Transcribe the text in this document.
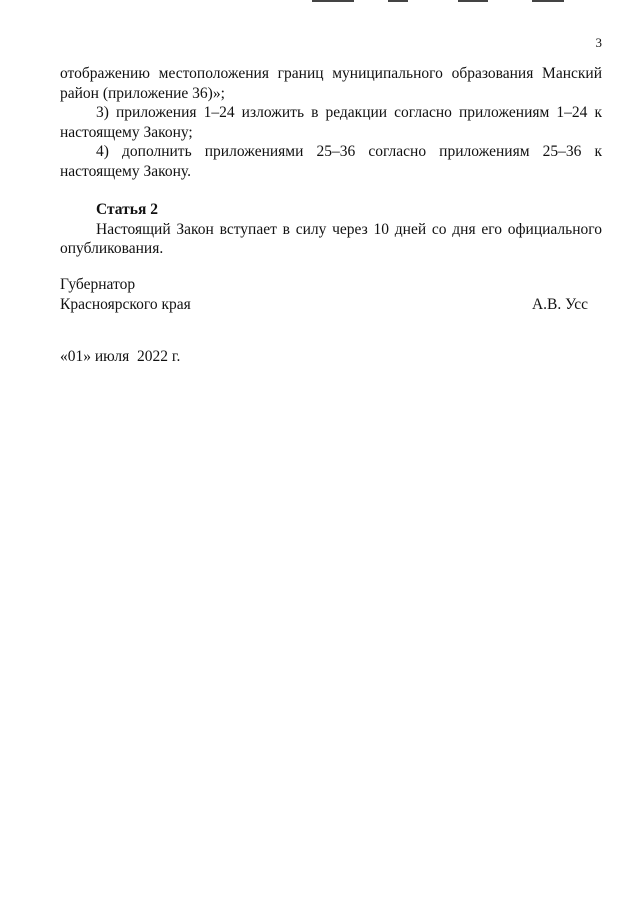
3

отображению местоположения границ муниципального образования Манский район (приложение 36)»;

3) приложения 1–24 изложить в редакции согласно приложениям 1–24 к настоящему Закону;

4) дополнить приложениями 25–36 согласно приложениям 25–36 к настоящему Закону.

Статья 2

Настоящий Закон вступает в силу через 10 дней со дня его официального опубликования.

Губернатор
Красноярского края	А.В. Усс
«01» июля  2022 г.
